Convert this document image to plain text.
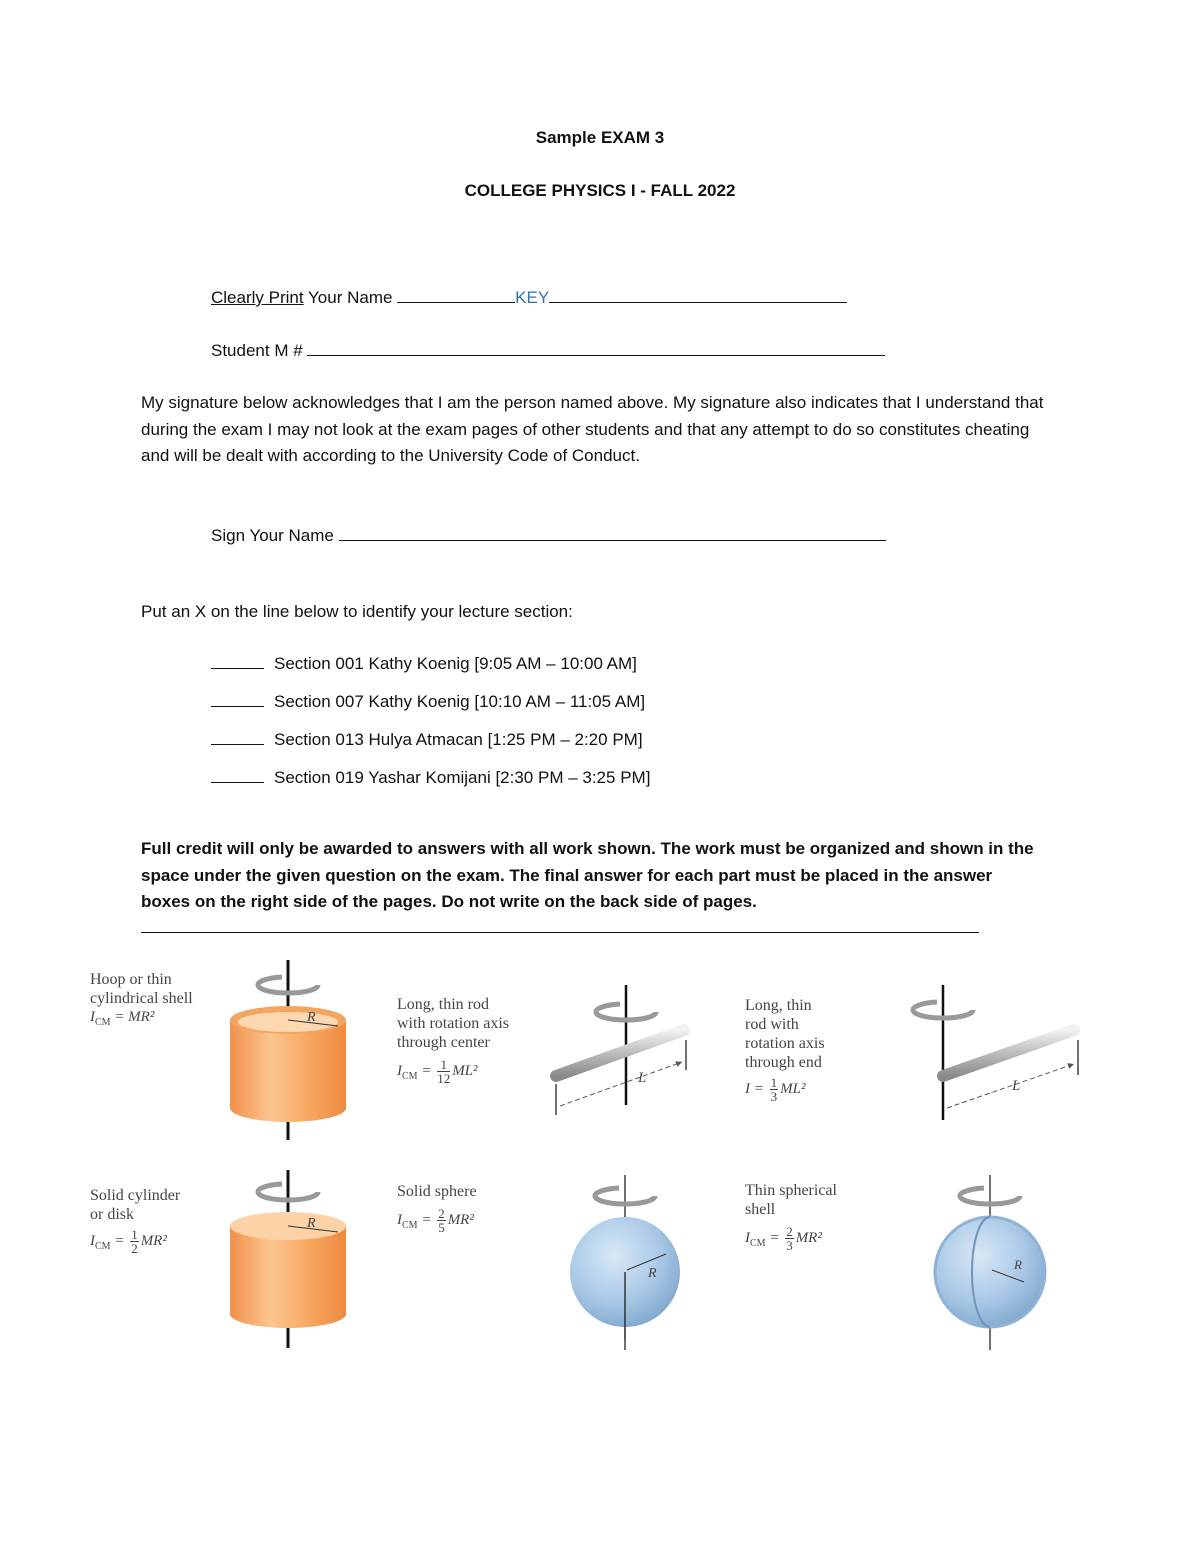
Sample EXAM 3
COLLEGE PHYSICS I - FALL 2022
Clearly Print Your Name	KEY
Student M #
My signature below acknowledges that I am the person named above. My signature also indicates that I understand that during the exam I may not look at the exam pages of other students and that any attempt to do so constitutes cheating and will be dealt with according to the University Code of Conduct.
Sign Your Name
Put an X on the line below to identify your lecture section:
Section 001 Kathy Koenig [9:05 AM – 10:00 AM]
Section 007 Kathy Koenig [10:10 AM – 11:05 AM]
Section 013 Hulya Atmacan [1:25 PM – 2:20 PM]
Section 019 Yashar Komijani [2:30 PM – 3:25 PM]
Full credit will only be awarded to answers with all work shown. The work must be organized and shown in the space under the given question on the exam. The final answer for each part must be placed in the answer boxes on the right side of the pages. Do not write on the back side of pages.
R
L	L
R
R
R
Hoop or thin
cylindrical shell
$I_{CM} = MR^2$
Long, thin rod
with rotation axis
through center
$I_{CM} = \frac{1}{12} ML^2$
Long, thin
rod with
rotation axis
through end
$I = \frac{1}{3} ML^2$
Solid cylinder
or disk
$I_{CM} = \frac{1}{2} MR^2$
Solid sphere
$I_{CM} = \frac{2}{5} MR^2$
Thin spherical
shell
$I_{CM} = \frac{2}{3} MR^2$
